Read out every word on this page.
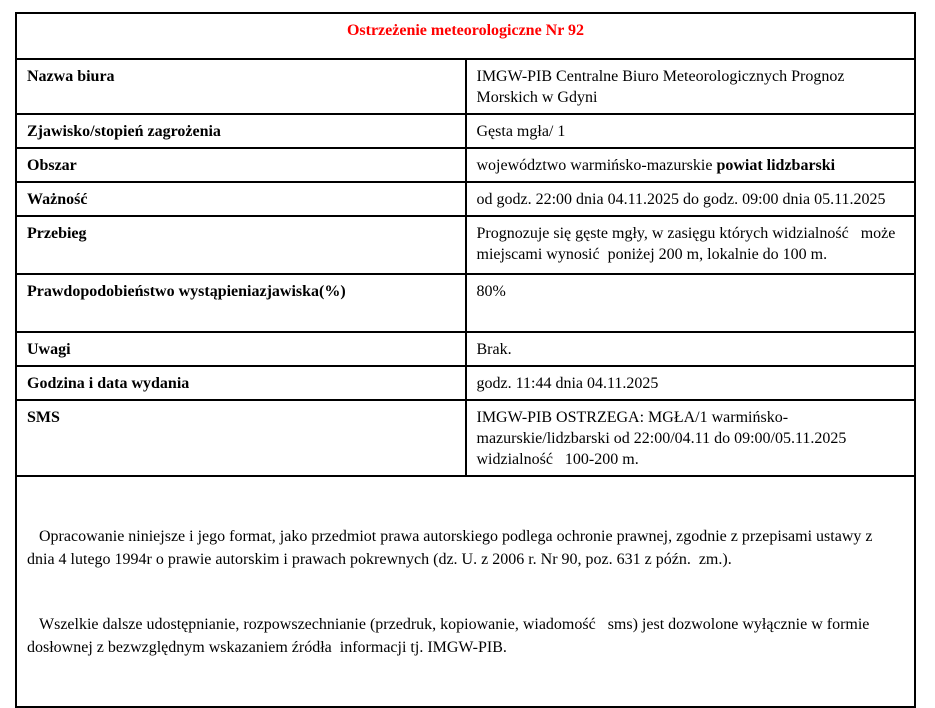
Ostrzeżenie meteorologiczne Nr 92	
Nazwa biura	IMGW-PIB Centralne Biuro Meteorologicznych Prognoz Morskich w Gdyni
Zjawisko/stopień zagrożenia	Gęsta mgła/ 1
Obszar	województwo warmińsko-mazurskie powiat lidzbarski
Ważność	od godz. 22:00 dnia 04.11.2025 do godz. 09:00 dnia 05.11.2025
Przebieg	Prognozuje się gęste mgły, w zasięgu których widzialność   może miejscami wynosić  poniżej 200 m, lokalnie do 100 m.
Prawdopodobieństwo wystąpieniazjawiska(%)	80%
Uwagi	Brak.
Godzina i data wydania	godz. 11:44 dnia 04.11.2025
SMS	IMGW-PIB OSTRZEGA: MGŁA/1 warmińsko-mazurskie/lidzbarski od 22:00/04.11 do 09:00/05.11.2025 widzialność   100-200 m.

Opracowanie niniejsze i jego format, jako przedmiot prawa autorskiego podlega ochronie prawnej, zgodnie z przepisami ustawy z dnia 4 lutego 1994r o prawie autorskim i prawach pokrewnych (dz. U. z 2006 r. Nr 90, poz. 631 z późn.  zm.).

Wszelkie dalsze udostępnianie, rozpowszechnianie (przedruk, kopiowanie, wiadomość   sms) jest dozwolone wyłącznie w formie dosłownej z bezwzględnym wskazaniem źródła  informacji tj. IMGW-PIB.	
